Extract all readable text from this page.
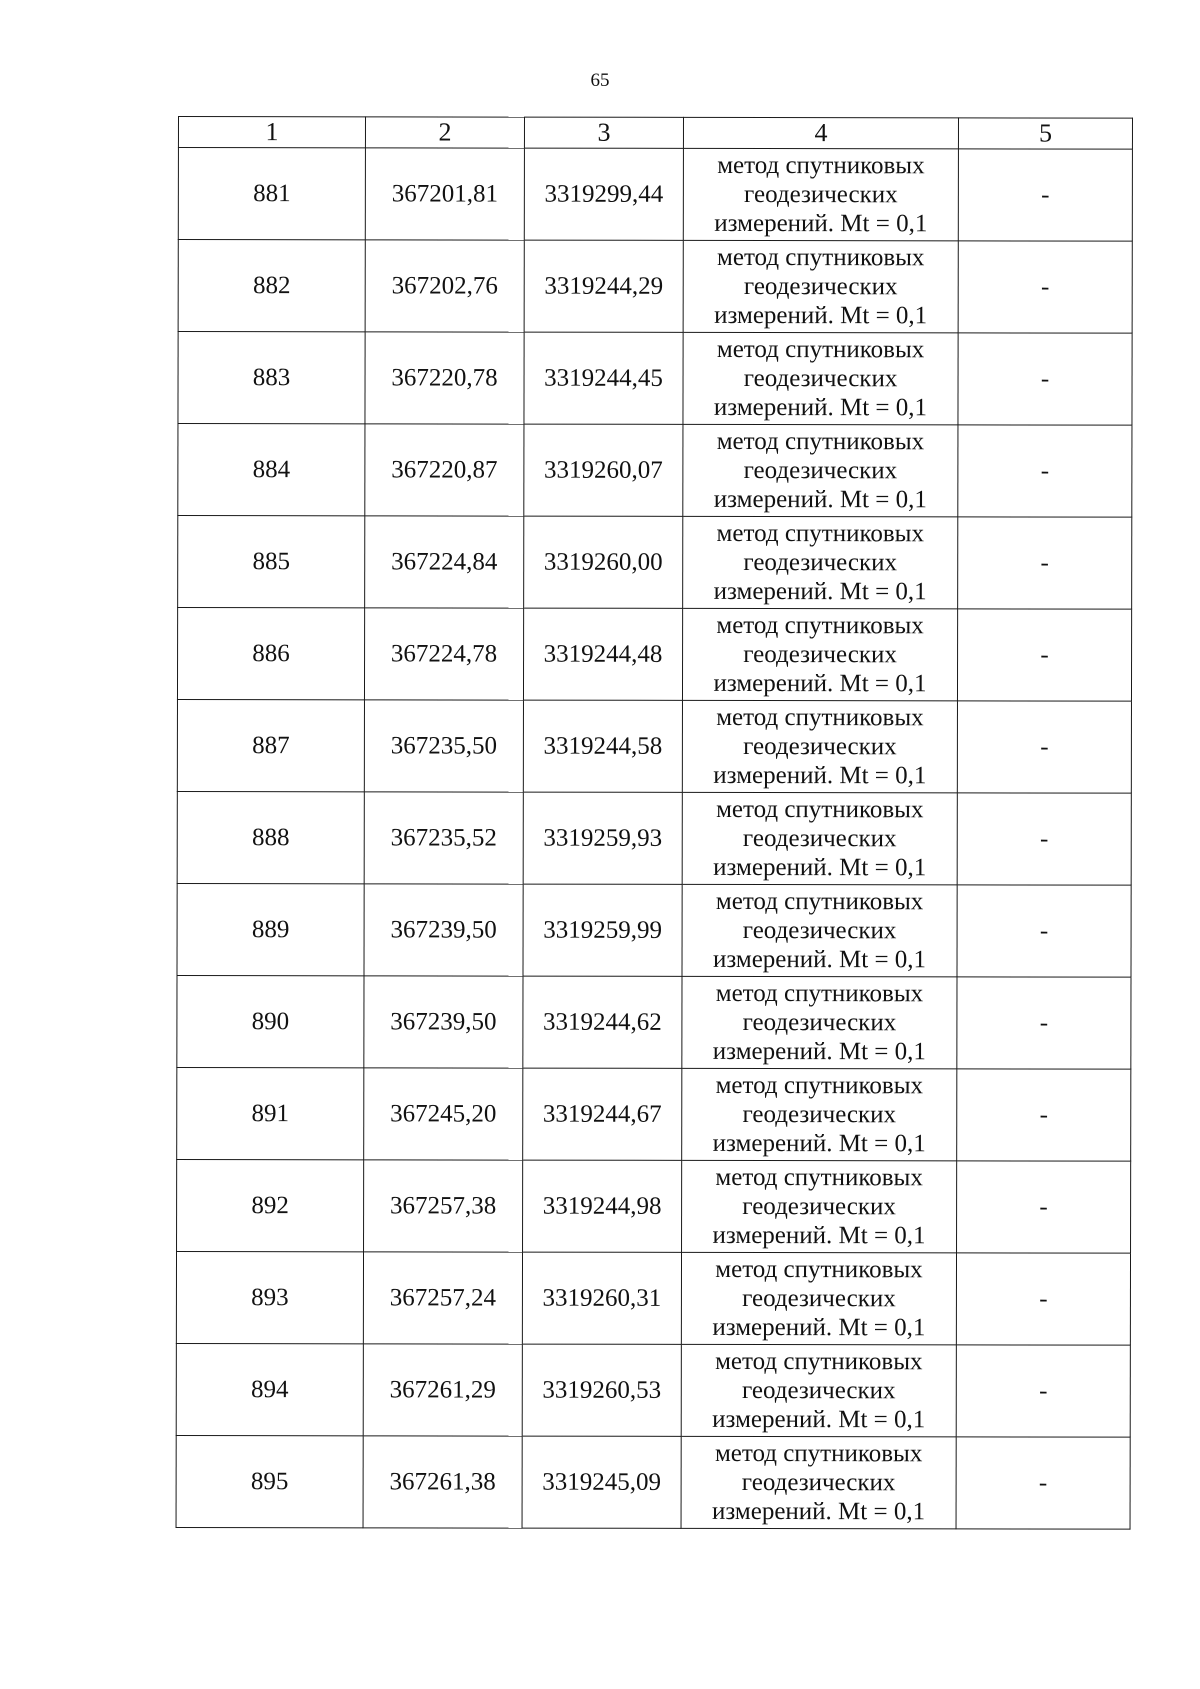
65
1	2	3	4	5
881	367201,81	3319299,44	метод спутниковых
геодезических
измерений. Mt = 0,1	-
882	367202,76	3319244,29	метод спутниковых
геодезических
измерений. Mt = 0,1	-
883	367220,78	3319244,45	метод спутниковых
геодезических
измерений. Mt = 0,1	-
884	367220,87	3319260,07	метод спутниковых
геодезических
измерений. Mt = 0,1	-
885	367224,84	3319260,00	метод спутниковых
геодезических
измерений. Mt = 0,1	-
886	367224,78	3319244,48	метод спутниковых
геодезических
измерений. Mt = 0,1	-
887	367235,50	3319244,58	метод спутниковых
геодезических
измерений. Mt = 0,1	-
888	367235,52	3319259,93	метод спутниковых
геодезических
измерений. Mt = 0,1	-
889	367239,50	3319259,99	метод спутниковых
геодезических
измерений. Mt = 0,1	-
890	367239,50	3319244,62	метод спутниковых
геодезических
измерений. Mt = 0,1	-
891	367245,20	3319244,67	метод спутниковых
геодезических
измерений. Mt = 0,1	-
892	367257,38	3319244,98	метод спутниковых
геодезических
измерений. Mt = 0,1	-
893	367257,24	3319260,31	метод спутниковых
геодезических
измерений. Mt = 0,1	-
894	367261,29	3319260,53	метод спутниковых
геодезических
измерений. Mt = 0,1	-
895	367261,38	3319245,09	метод спутниковых
геодезических
измерений. Mt = 0,1	-
